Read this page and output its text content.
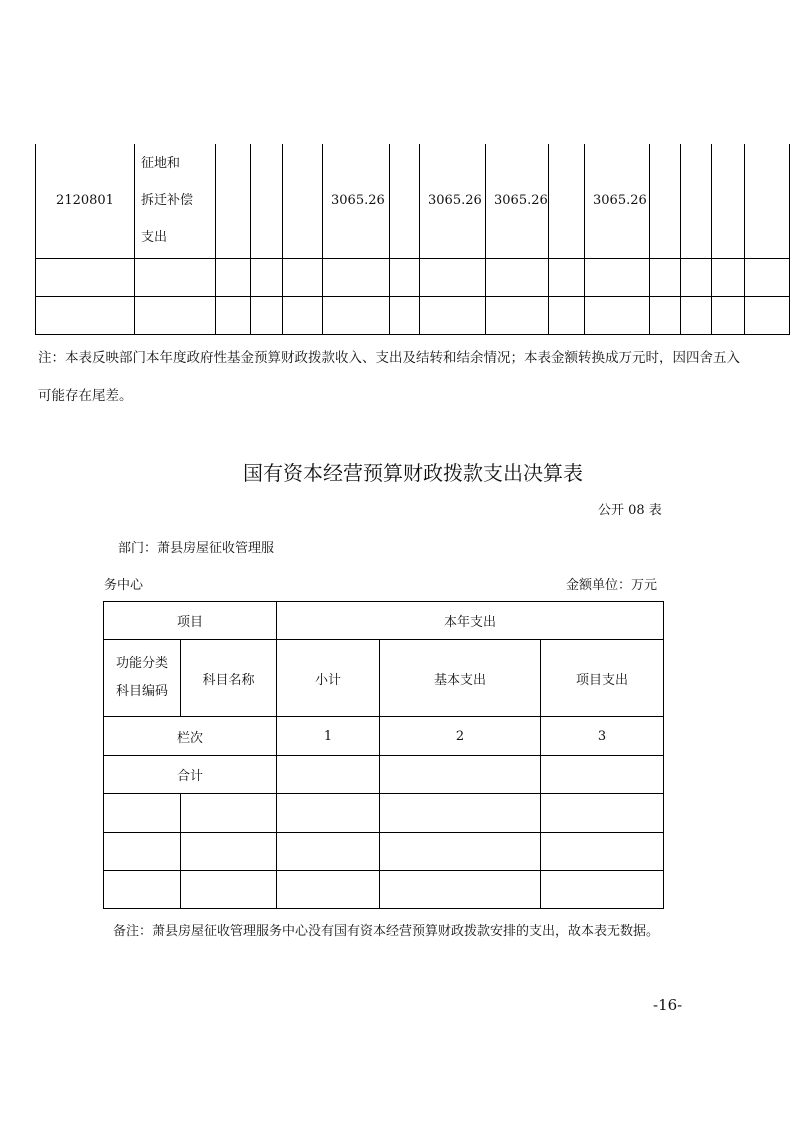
2120801	征地和
拆迁补偿
支出				3065.26		3065.26	3065.26		3065.26				

注：本表反映部门本年度政府性基金预算财政拨款收入、支出及结转和结余情况；本表金额转换成万元时，因四舍五入
可能存在尾差。
国有资本经营预算财政拨款支出决算表
公开 08 表
部门：萧县房屋征收管理服
务中心	金额单位：万元
项目		本年支出		

功能分类
科目编码	科目名称	小计	基本支出	项目支出
栏次		1	2	3
合计				

备注：萧县房屋征收管理服务中心没有国有资本经营预算财政拨款安排的支出，故本表无数据。
-16-
